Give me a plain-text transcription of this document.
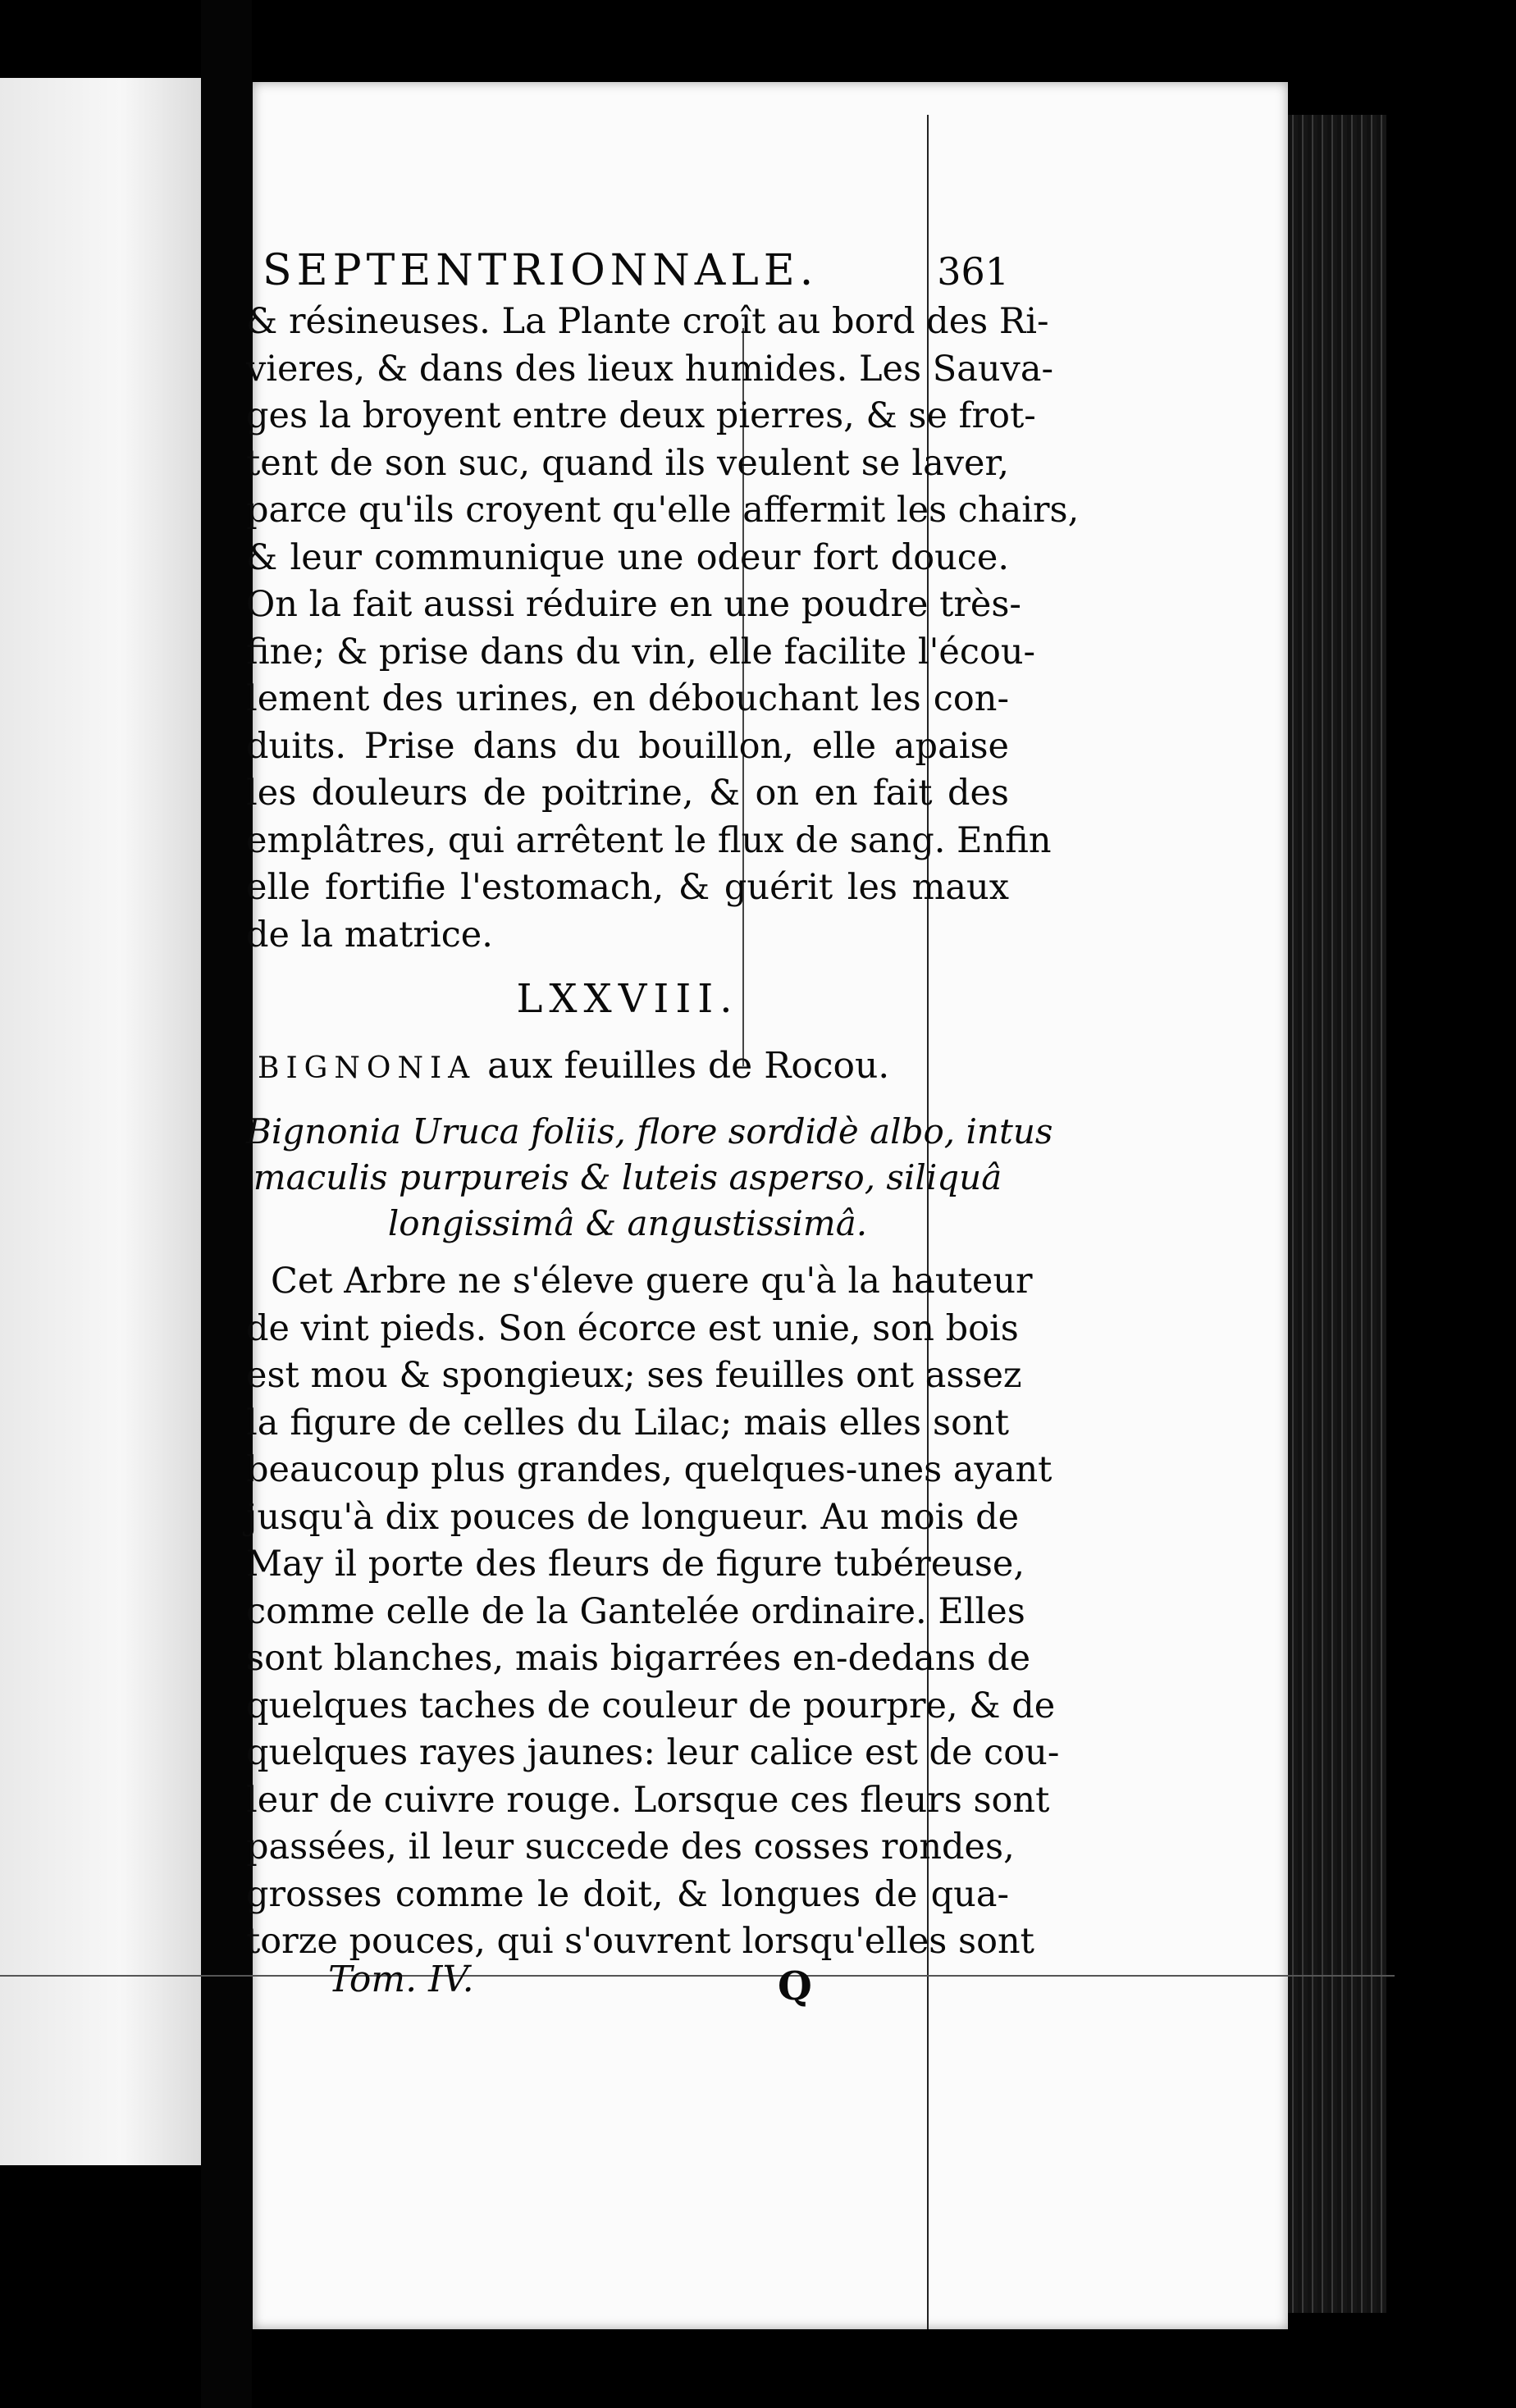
SEPTENTRIONNALE.	361
& résineuses. La Plante croît au bord des Ri-
vieres, & dans des lieux humides. Les Sauva-
ges la broyent entre deux pierres, & se frot-
tent de son suc, quand ils veulent se laver,
parce qu'ils croyent qu'elle affermit les chairs,
& leur communique une odeur fort douce.
On la fait aussi réduire en une poudre très-
fine; & prise dans du vin, elle facilite l'écou-
lement des urines, en débouchant les con-
duits. Prise dans du bouillon, elle apaise
les douleurs de poitrine, & on en fait des
emplâtres, qui arrêtent le flux de sang. Enfin
elle fortifie l'estomach, & guérit les maux
de la matrice.
LXXVIII.
BIGNONIA aux feuilles de Rocou.
Bignonia Uruca foliis, flore sordidè albo, intus
maculis purpureis & luteis asperso, siliquâ
longissimâ & angustissimâ.
Cet Arbre ne s'éleve guere qu'à la hauteur
de vint pieds. Son écorce est unie, son bois
est mou & spongieux; ses feuilles ont assez
la figure de celles du Lilac; mais elles sont
beaucoup plus grandes, quelques-unes ayant
jusqu'à dix pouces de longueur. Au mois de
May il porte des fleurs de figure tubéreuse,
comme celle de la Gantelée ordinaire. Elles
sont blanches, mais bigarrées en-dedans de
quelques taches de couleur de pourpre, & de
quelques rayes jaunes: leur calice est de cou-
leur de cuivre rouge. Lorsque ces fleurs sont
passées, il leur succede des cosses rondes,
grosses comme le doit, & longues de qua-
torze pouces, qui s'ouvrent lorsqu'elles sont
Tom. IV.	Q
